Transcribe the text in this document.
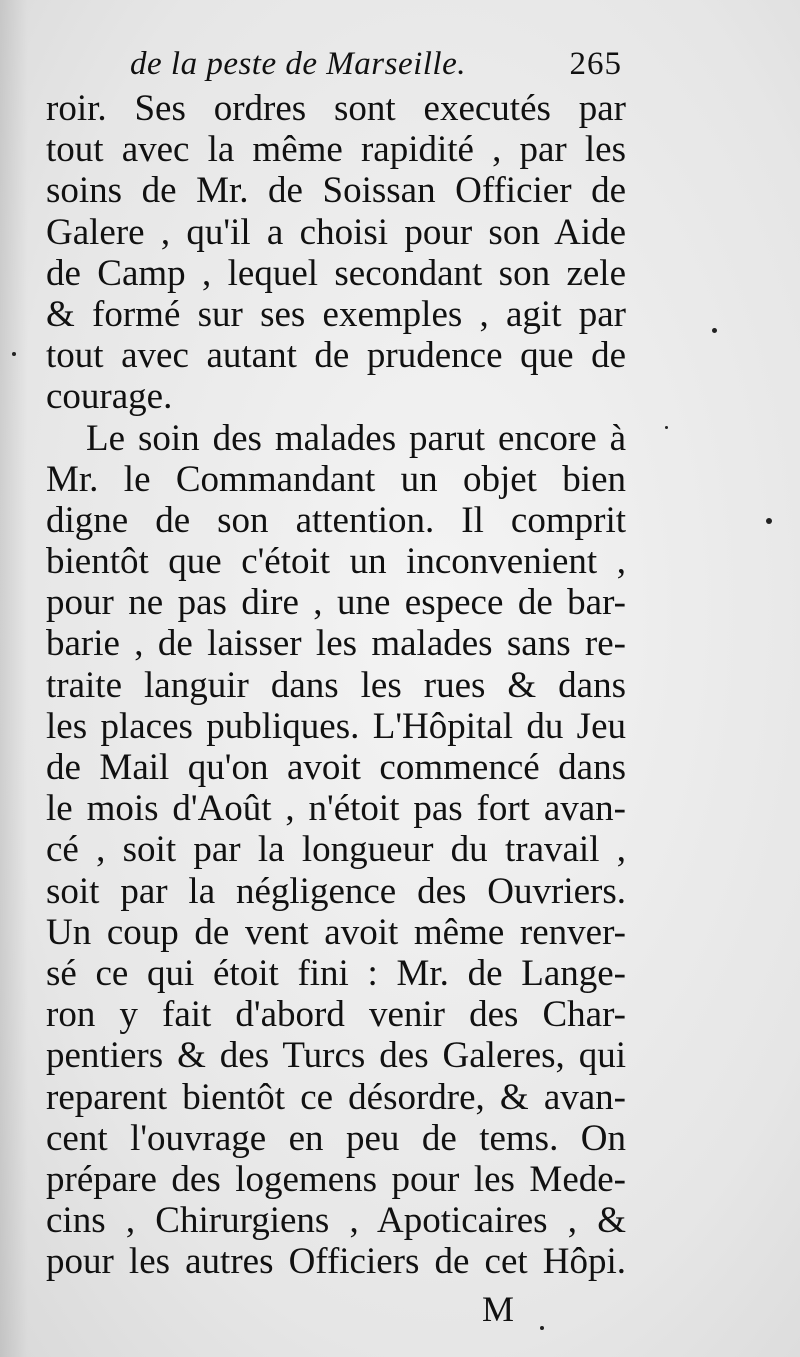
de la peste de Marseille.	265
roir. Ses ordres sont executés par
tout avec la même rapidité , par les
soins de Mr. de Soissan Officier de
Galere , qu'il a choisi pour son Aide
de Camp , lequel secondant son zele
& formé sur ses exemples , agit par
tout avec autant de prudence que de
courage.
Le soin des malades parut encore à
Mr. le Commandant un objet bien
digne de son attention. Il comprit
bientôt que c'étoit un inconvenient ,
pour ne pas dire , une espece de bar-
barie , de laisser les malades sans re-
traite languir dans les rues & dans
les places publiques. L'Hôpital du Jeu
de Mail qu'on avoit commencé dans
le mois d'Août , n'étoit pas fort avan-
cé , soit par la longueur du travail ,
soit par la négligence des Ouvriers.
Un coup de vent avoit même renver-
sé ce qui étoit fini : Mr. de Lange-
ron y fait d'abord venir des Char-
pentiers & des Turcs des Galeres, qui
reparent bientôt ce désordre, & avan-
cent l'ouvrage en peu de tems. On
prépare des logemens pour les Mede-
cins , Chirurgiens , Apoticaires , &
pour les autres Officiers de cet Hôpi.
M
